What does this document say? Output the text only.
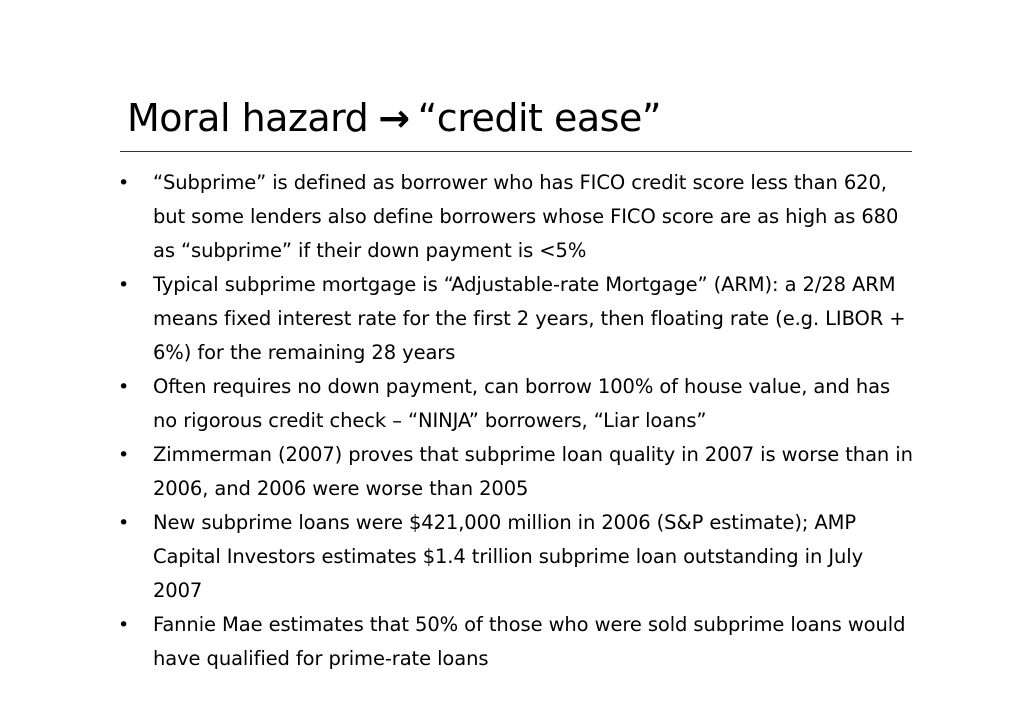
Moral hazard → “credit ease”
•	“Subprime” is defined as borrower who has FICO credit score less than 620, but some lenders also define borrowers whose FICO score are as high as 680 as “subprime” if their down payment is <5%
•	Typical subprime mortgage is “Adjustable-rate Mortgage” (ARM): a 2/28 ARM means fixed interest rate for the first 2 years, then floating rate (e.g. LIBOR + 6%) for the remaining 28 years
•	Often requires no down payment, can borrow 100% of house value, and has no rigorous credit check – “NINJA” borrowers, “Liar loans”
•	Zimmerman (2007) proves that subprime loan quality in 2007 is worse than in 2006, and 2006 were worse than 2005
•	New subprime loans were $421,000 million in 2006 (S&P estimate); AMP Capital Investors estimates $1.4 trillion subprime loan outstanding in July 2007
•	Fannie Mae estimates that 50% of those who were sold subprime loans would have qualified for prime-rate loans
